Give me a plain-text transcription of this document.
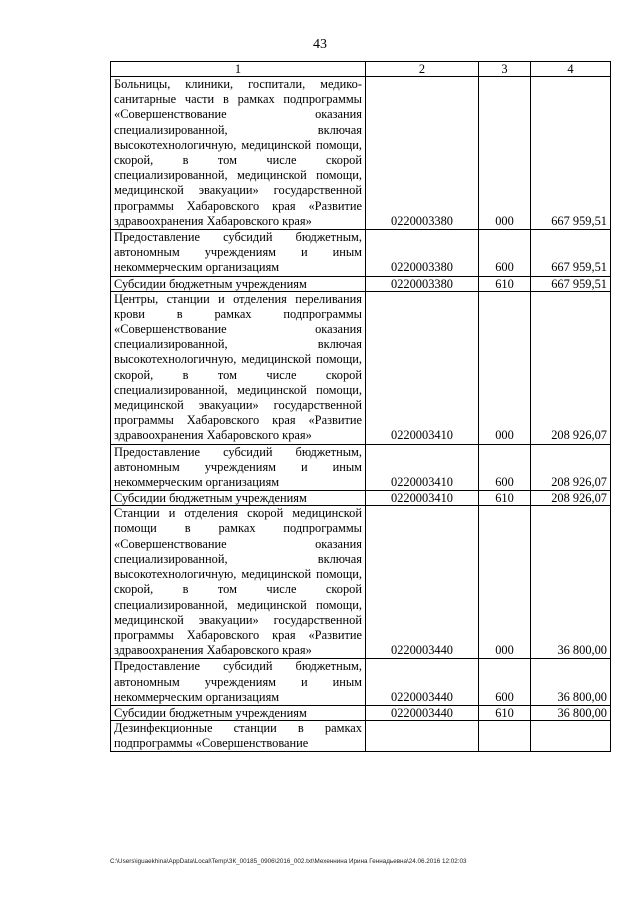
43
1	2	3	4
Больницы, клиники, госпитали, медико-санитарные части в рамках подпрограммы «Совершенствование оказания специализированной, включая высокотехнологичную, медицинской помощи, скорой, в том числе скорой специализированной, медицинской помощи, медицинской эвакуации» государственной программы Хабаровского края «Развитие здравоохранения Хабаровского края»	0220003380	000	667 959,51
Предоставление субсидий бюджетным, автономным учреждениям и иным некоммерческим организациям	0220003380	600	667 959,51
Субсидии бюджетным учреждениям	0220003380	610	667 959,51
Центры, станции и отделения переливания крови в рамках подпрограммы «Совершенствование оказания специализированной, включая высокотехнологичную, медицинской помощи, скорой, в том числе скорой специализированной, медицинской помощи, медицинской эвакуации» государственной программы Хабаровского края «Развитие здравоохранения Хабаровского края»	0220003410	000	208 926,07
Предоставление субсидий бюджетным, автономным учреждениям и иным некоммерческим организациям	0220003410	600	208 926,07
Субсидии бюджетным учреждениям	0220003410	610	208 926,07
Станции и отделения скорой медицинской помощи в рамках подпрограммы «Совершенствование оказания специализированной, включая высокотехнологичную, медицинской помощи, скорой, в том числе скорой специализированной, медицинской помощи, медицинской эвакуации» государственной программы Хабаровского края «Развитие здравоохранения Хабаровского края»	0220003440	000	36 800,00
Предоставление субсидий бюджетным, автономным учреждениям и иным некоммерческим организациям	0220003440	600	36 800,00
Субсидии бюджетным учреждениям	0220003440	610	36 800,00
Дезинфекционные станции в рамках подпрограммы «Совершенствование			
C:\Users\iguaekhina\AppData\Local\Temp\ЗК_00185_0906\2016_002.txt\Мехеннина Ирина Геннадьевна\24.06.2016 12:02:03
